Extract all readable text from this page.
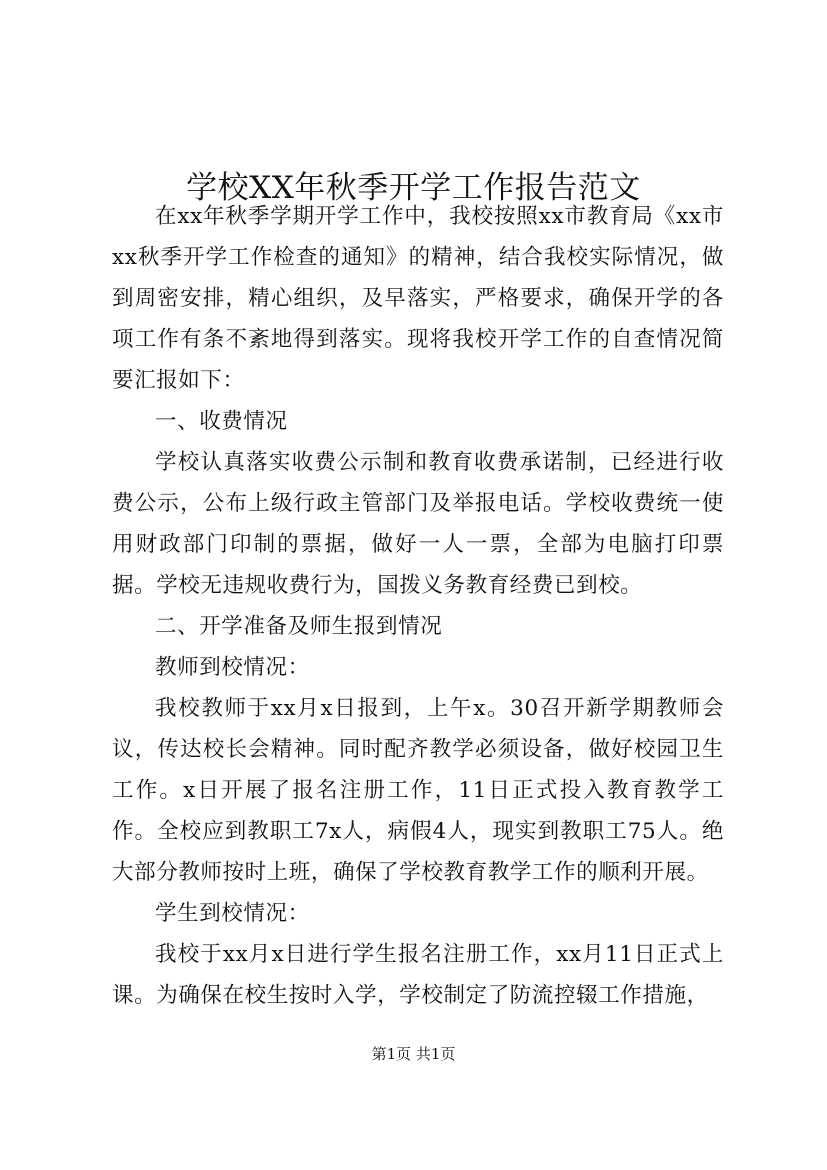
学校XX年秋季开学工作报告范文

在xx年秋季学期开学工作中，我校按照xx市教育局《xx市xx秋季开学工作检查的通知》的精神，结合我校实际情况，做到周密安排，精心组织，及早落实，严格要求，确保开学的各项工作有条不紊地得到落实。现将我校开学工作的自查情况简要汇报如下：

一、收费情况

学校认真落实收费公示制和教育收费承诺制，已经进行收费公示，公布上级行政主管部门及举报电话。学校收费统一使用财政部门印制的票据，做好一人一票，全部为电脑打印票据。学校无违规收费行为，国拨义务教育经费已到校。

二、开学准备及师生报到情况

教师到校情况：

我校教师于xx月x日报到，上午x。30召开新学期教师会议，传达校长会精神。同时配齐教学必须设备，做好校园卫生工作。x日开展了报名注册工作，11日正式投入教育教学工作。全校应到教职工7x人，病假4人，现实到教职工75人。绝大部分教师按时上班，确保了学校教育教学工作的顺利开展。

学生到校情况：

我校于xx月x日进行学生报名注册工作，xx月11日正式上课。为确保在校生按时入学，学校制定了防流控辍工作措施，

第1页 共1页
